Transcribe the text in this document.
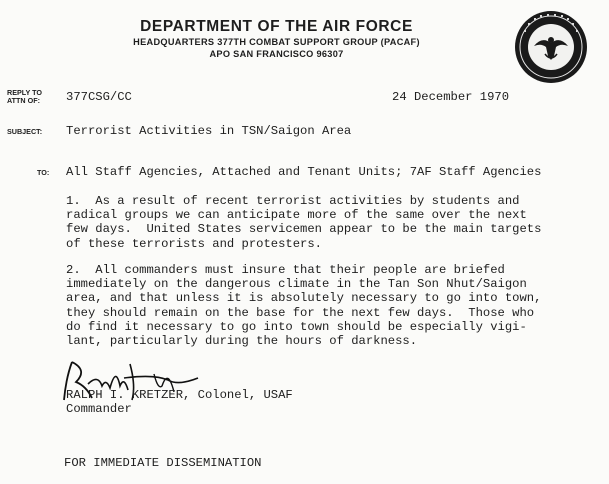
DEPARTMENT OF THE AIR FORCE
HEADQUARTERS 377TH COMBAT SUPPORT GROUP (PACAF)
APO SAN FRANCISCO 96307
REPLY TO
ATTN OF: 377CSG/CC	24 December 1970
SUBJECT: Terrorist Activities in TSN/Saigon Area
TO: All Staff Agencies, Attached and Tenant Units; 7AF Staff Agencies
1.  As a result of recent terrorist activities by students and
radical groups we can anticipate more of the same over the next
few days.  United States servicemen appear to be the main targets
of these terrorists and protesters.
2.  All commanders must insure that their people are briefed
immediately on the dangerous climate in the Tan Son Nhut/Saigon
area, and that unless it is absolutely necessary to go into town,
they should remain on the base for the next few days.  Those who
do find it necessary to go into town should be especially vigi-
lant, particularly during the hours of darkness.
RALPH I. KRETZER, Colonel, USAF
Commander
FOR IMMEDIATE DISSEMINATION
